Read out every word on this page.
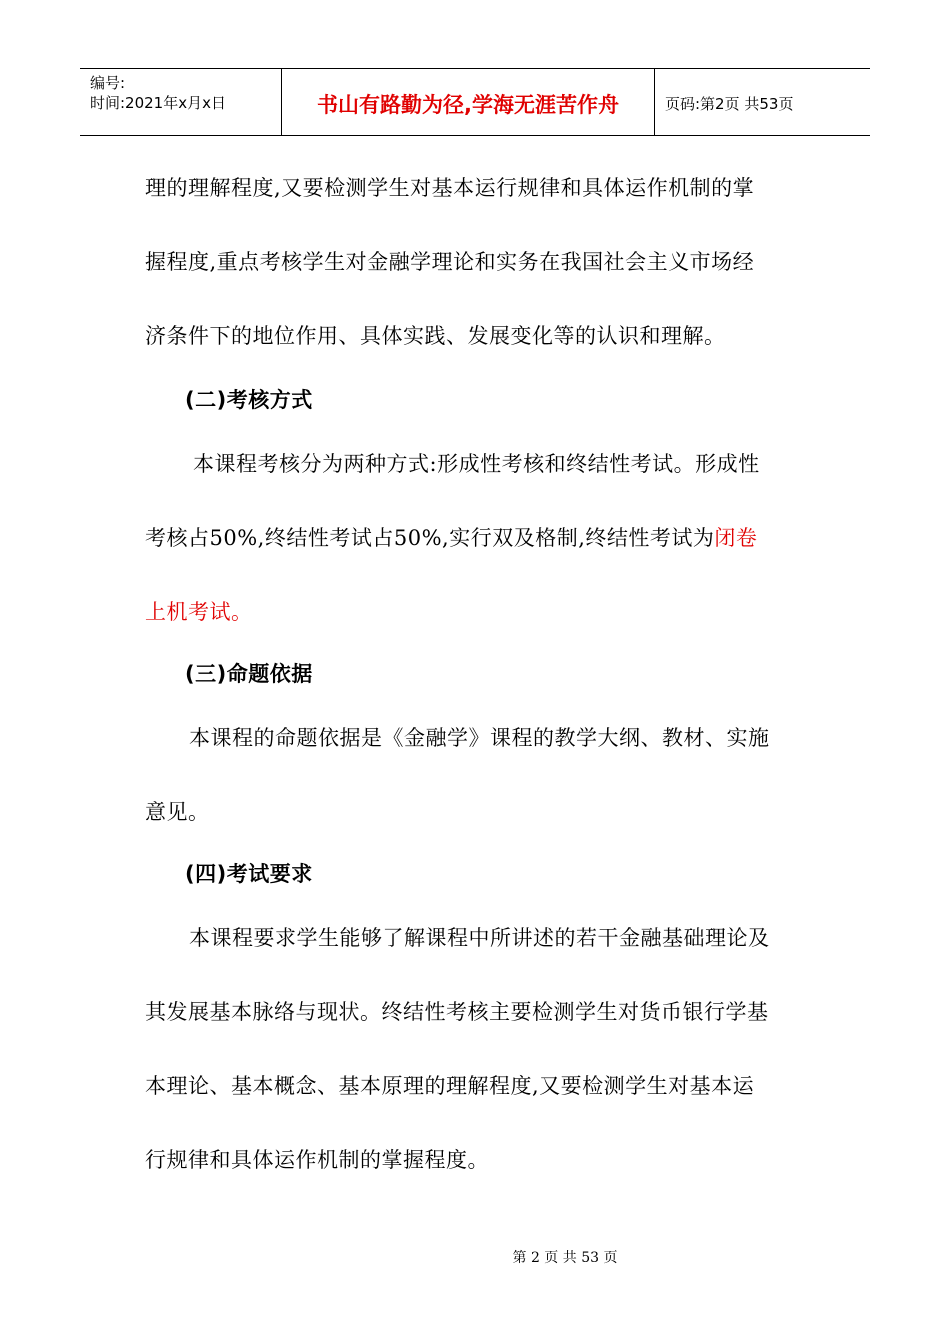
编号:
时间:2021年x月x日	书山有路勤为径,学海无涯苦作舟	页码:第2页 共53页
理的理解程度,又要检测学生对基本运行规律和具体运作机制的掌
握程度,重点考核学生对金融学理论和实务在我国社会主义市场经
济条件下的地位作用、具体实践、发展变化等的认识和理解。
(二)考核方式
本课程考核分为两种方式:形成性考核和终结性考试。形成性
考核占50%,终结性考试占50%,实行双及格制,终结性考试为闭卷
上机考试。
(三)命题依据
本课程的命题依据是《金融学》课程的教学大纲、教材、实施
意见。
(四)考试要求
本课程要求学生能够了解课程中所讲述的若干金融基础理论及
其发展基本脉络与现状。终结性考核主要检测学生对货币银行学基
本理论、基本概念、基本原理的理解程度,又要检测学生对基本运
行规律和具体运作机制的掌握程度。
第 2 页 共 53 页
